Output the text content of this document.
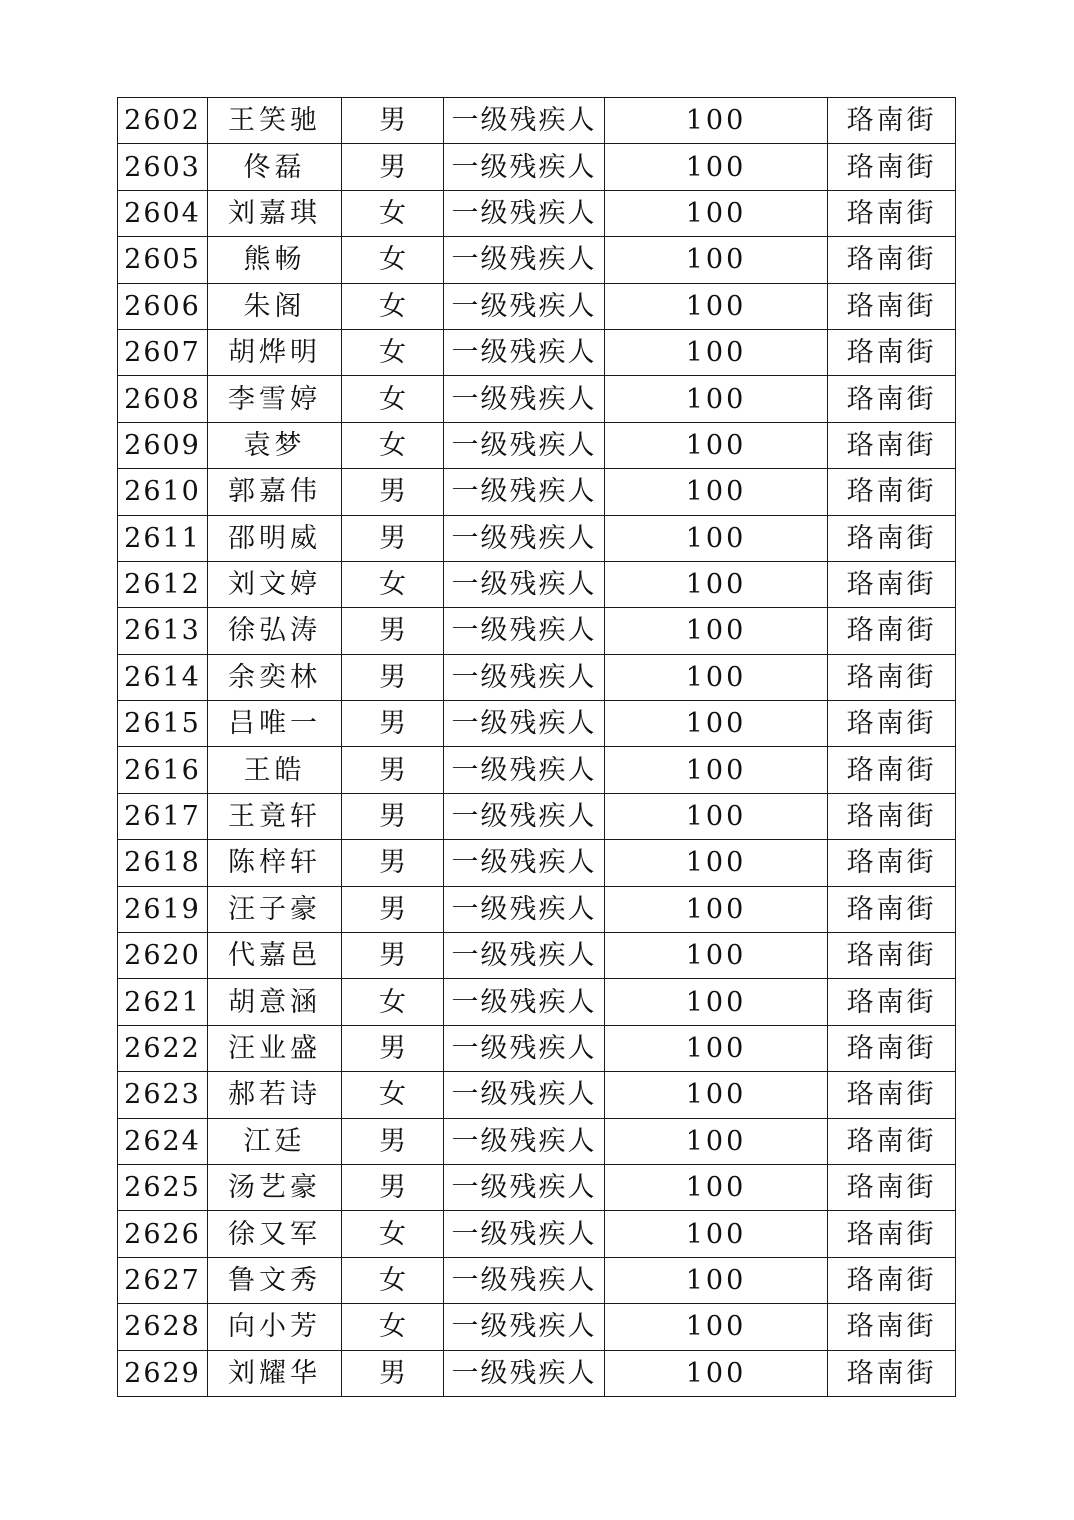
2602	王笑驰	男	一级残疾人	100	珞南街
2603	佟磊	男	一级残疾人	100	珞南街
2604	刘嘉琪	女	一级残疾人	100	珞南街
2605	熊畅	女	一级残疾人	100	珞南街
2606	朱阁	女	一级残疾人	100	珞南街
2607	胡烨明	女	一级残疾人	100	珞南街
2608	李雪婷	女	一级残疾人	100	珞南街
2609	袁梦	女	一级残疾人	100	珞南街
2610	郭嘉伟	男	一级残疾人	100	珞南街
2611	邵明威	男	一级残疾人	100	珞南街
2612	刘文婷	女	一级残疾人	100	珞南街
2613	徐弘涛	男	一级残疾人	100	珞南街
2614	余奕林	男	一级残疾人	100	珞南街
2615	吕唯一	男	一级残疾人	100	珞南街
2616	王皓	男	一级残疾人	100	珞南街
2617	王竟轩	男	一级残疾人	100	珞南街
2618	陈梓轩	男	一级残疾人	100	珞南街
2619	汪子豪	男	一级残疾人	100	珞南街
2620	代嘉邑	男	一级残疾人	100	珞南街
2621	胡意涵	女	一级残疾人	100	珞南街
2622	汪业盛	男	一级残疾人	100	珞南街
2623	郝若诗	女	一级残疾人	100	珞南街
2624	江廷	男	一级残疾人	100	珞南街
2625	汤艺豪	男	一级残疾人	100	珞南街
2626	徐又军	女	一级残疾人	100	珞南街
2627	鲁文秀	女	一级残疾人	100	珞南街
2628	向小芳	女	一级残疾人	100	珞南街
2629	刘耀华	男	一级残疾人	100	珞南街
